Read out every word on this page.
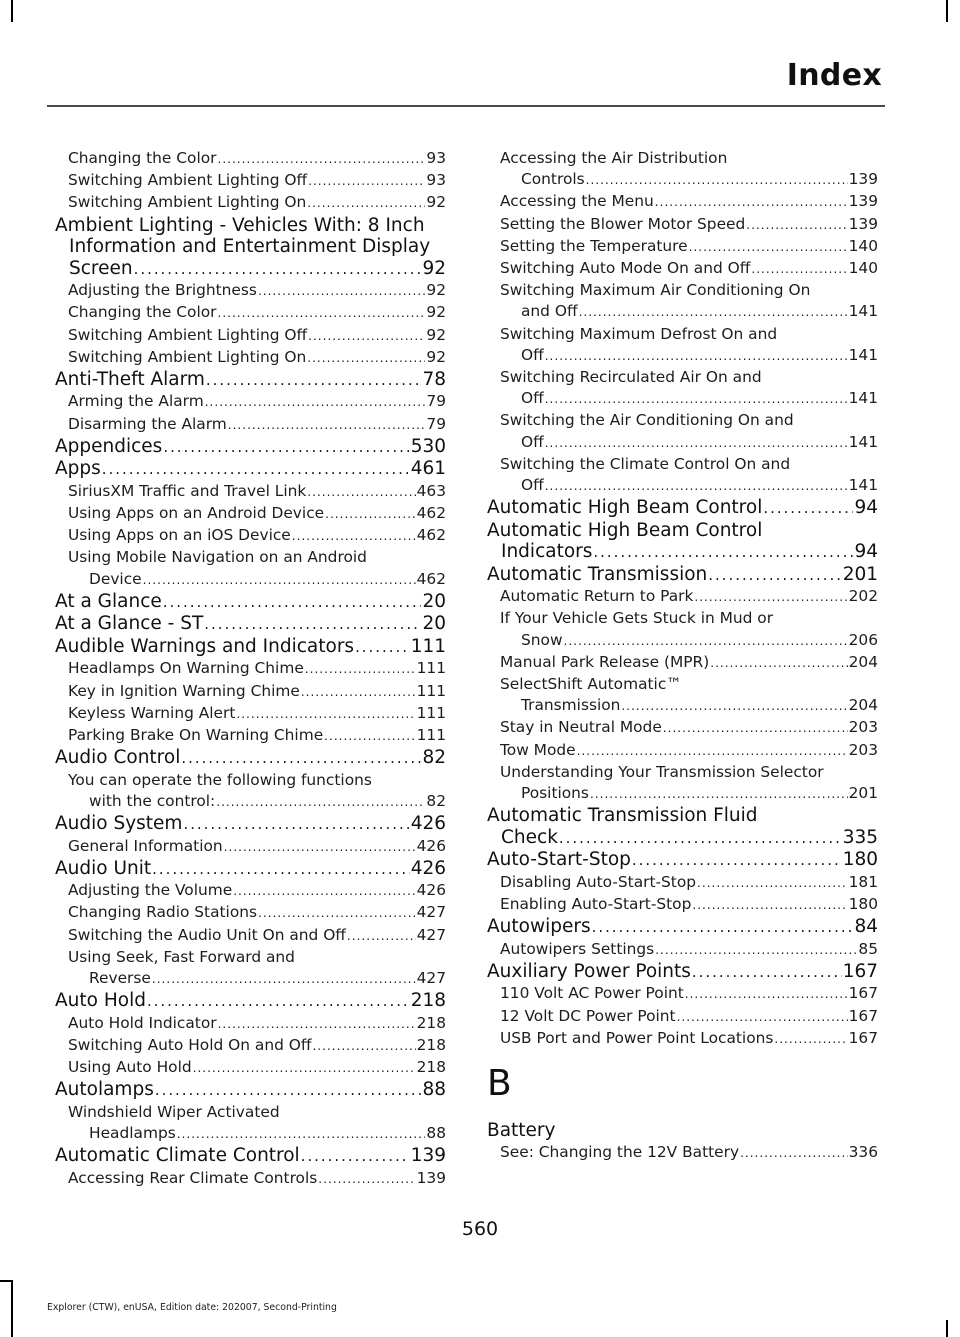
Index
Changing the Color . . .	93
Switching Ambient Lighting Off . . .	93
Switching Ambient Lighting On . . .	92
Ambient Lighting - Vehicles With: 8 Inch
Information and Entertainment Display
Screen . . .	92
Adjusting the Brightness . . .	92
Changing the Color . . .	92
Switching Ambient Lighting Off . . .	92
Switching Ambient Lighting On . . .	92
Anti-Theft Alarm . . .	78
Arming the Alarm . . .	79
Disarming the Alarm . . .	79
Appendices . . .	530
Apps . . .	461
SiriusXM Traffic and Travel Link . . .	463
Using Apps on an Android Device . . .	462
Using Apps on an iOS Device . . .	462
Using Mobile Navigation on an Android
Device . . .	462
At a Glance . . .	20
At a Glance - ST . . .	20
Audible Warnings and Indicators . . .	111
Headlamps On Warning Chime . . .	111
Key in Ignition Warning Chime . . .	111
Keyless Warning Alert . . .	111
Parking Brake On Warning Chime . . .	111
Audio Control . . .	82
You can operate the following functions
with the control: . . .	82
Audio System . . .	426
General Information . . .	426
Audio Unit . . .	426
Adjusting the Volume . . .	426
Changing Radio Stations . . .	427
Switching the Audio Unit On and Off . . .	427
Using Seek, Fast Forward and
Reverse . . .	427
Auto Hold . . .	218
Auto Hold Indicator . . .	218
Switching Auto Hold On and Off . . .	218
Using Auto Hold . . .	218
Autolamps . . .	88
Windshield Wiper Activated
Headlamps . . .	88
Automatic Climate Control . . .	139
Accessing Rear Climate Controls . . .	139
Accessing the Air Distribution
Controls . . .	139
Accessing the Menu . . .	139
Setting the Blower Motor Speed . . .	139
Setting the Temperature . . .	140
Switching Auto Mode On and Off . . .	140
Switching Maximum Air Conditioning On
and Off . . .	141
Switching Maximum Defrost On and
Off . . .	141
Switching Recirculated Air On and
Off . . .	141
Switching the Air Conditioning On and
Off . . .	141
Switching the Climate Control On and
Off . . .	141
Automatic High Beam Control . . .	94
Automatic High Beam Control
Indicators . . .	94
Automatic Transmission . . .	201
Automatic Return to Park . . .	202
If Your Vehicle Gets Stuck in Mud or
Snow . . .	206
Manual Park Release (MPR) . . .	204
SelectShift Automatic™
Transmission . . .	204
Stay in Neutral Mode . . .	203
Tow Mode . . .	203
Understanding Your Transmission Selector
Positions . . .	201
Automatic Transmission Fluid
Check . . .	335
Auto-Start-Stop . . .	180
Disabling Auto-Start-Stop . . .	181
Enabling Auto-Start-Stop . . .	180
Autowipers . . .	84
Autowipers Settings . . .	85
Auxiliary Power Points . . .	167
110 Volt AC Power Point . . .	167
12 Volt DC Power Point . . .	167
USB Port and Power Point Locations . . .	167
B
Battery
See: Changing the 12V Battery . . .	336
560
Explorer (CTW), enUSA, Edition date: 202007, Second-Printing
